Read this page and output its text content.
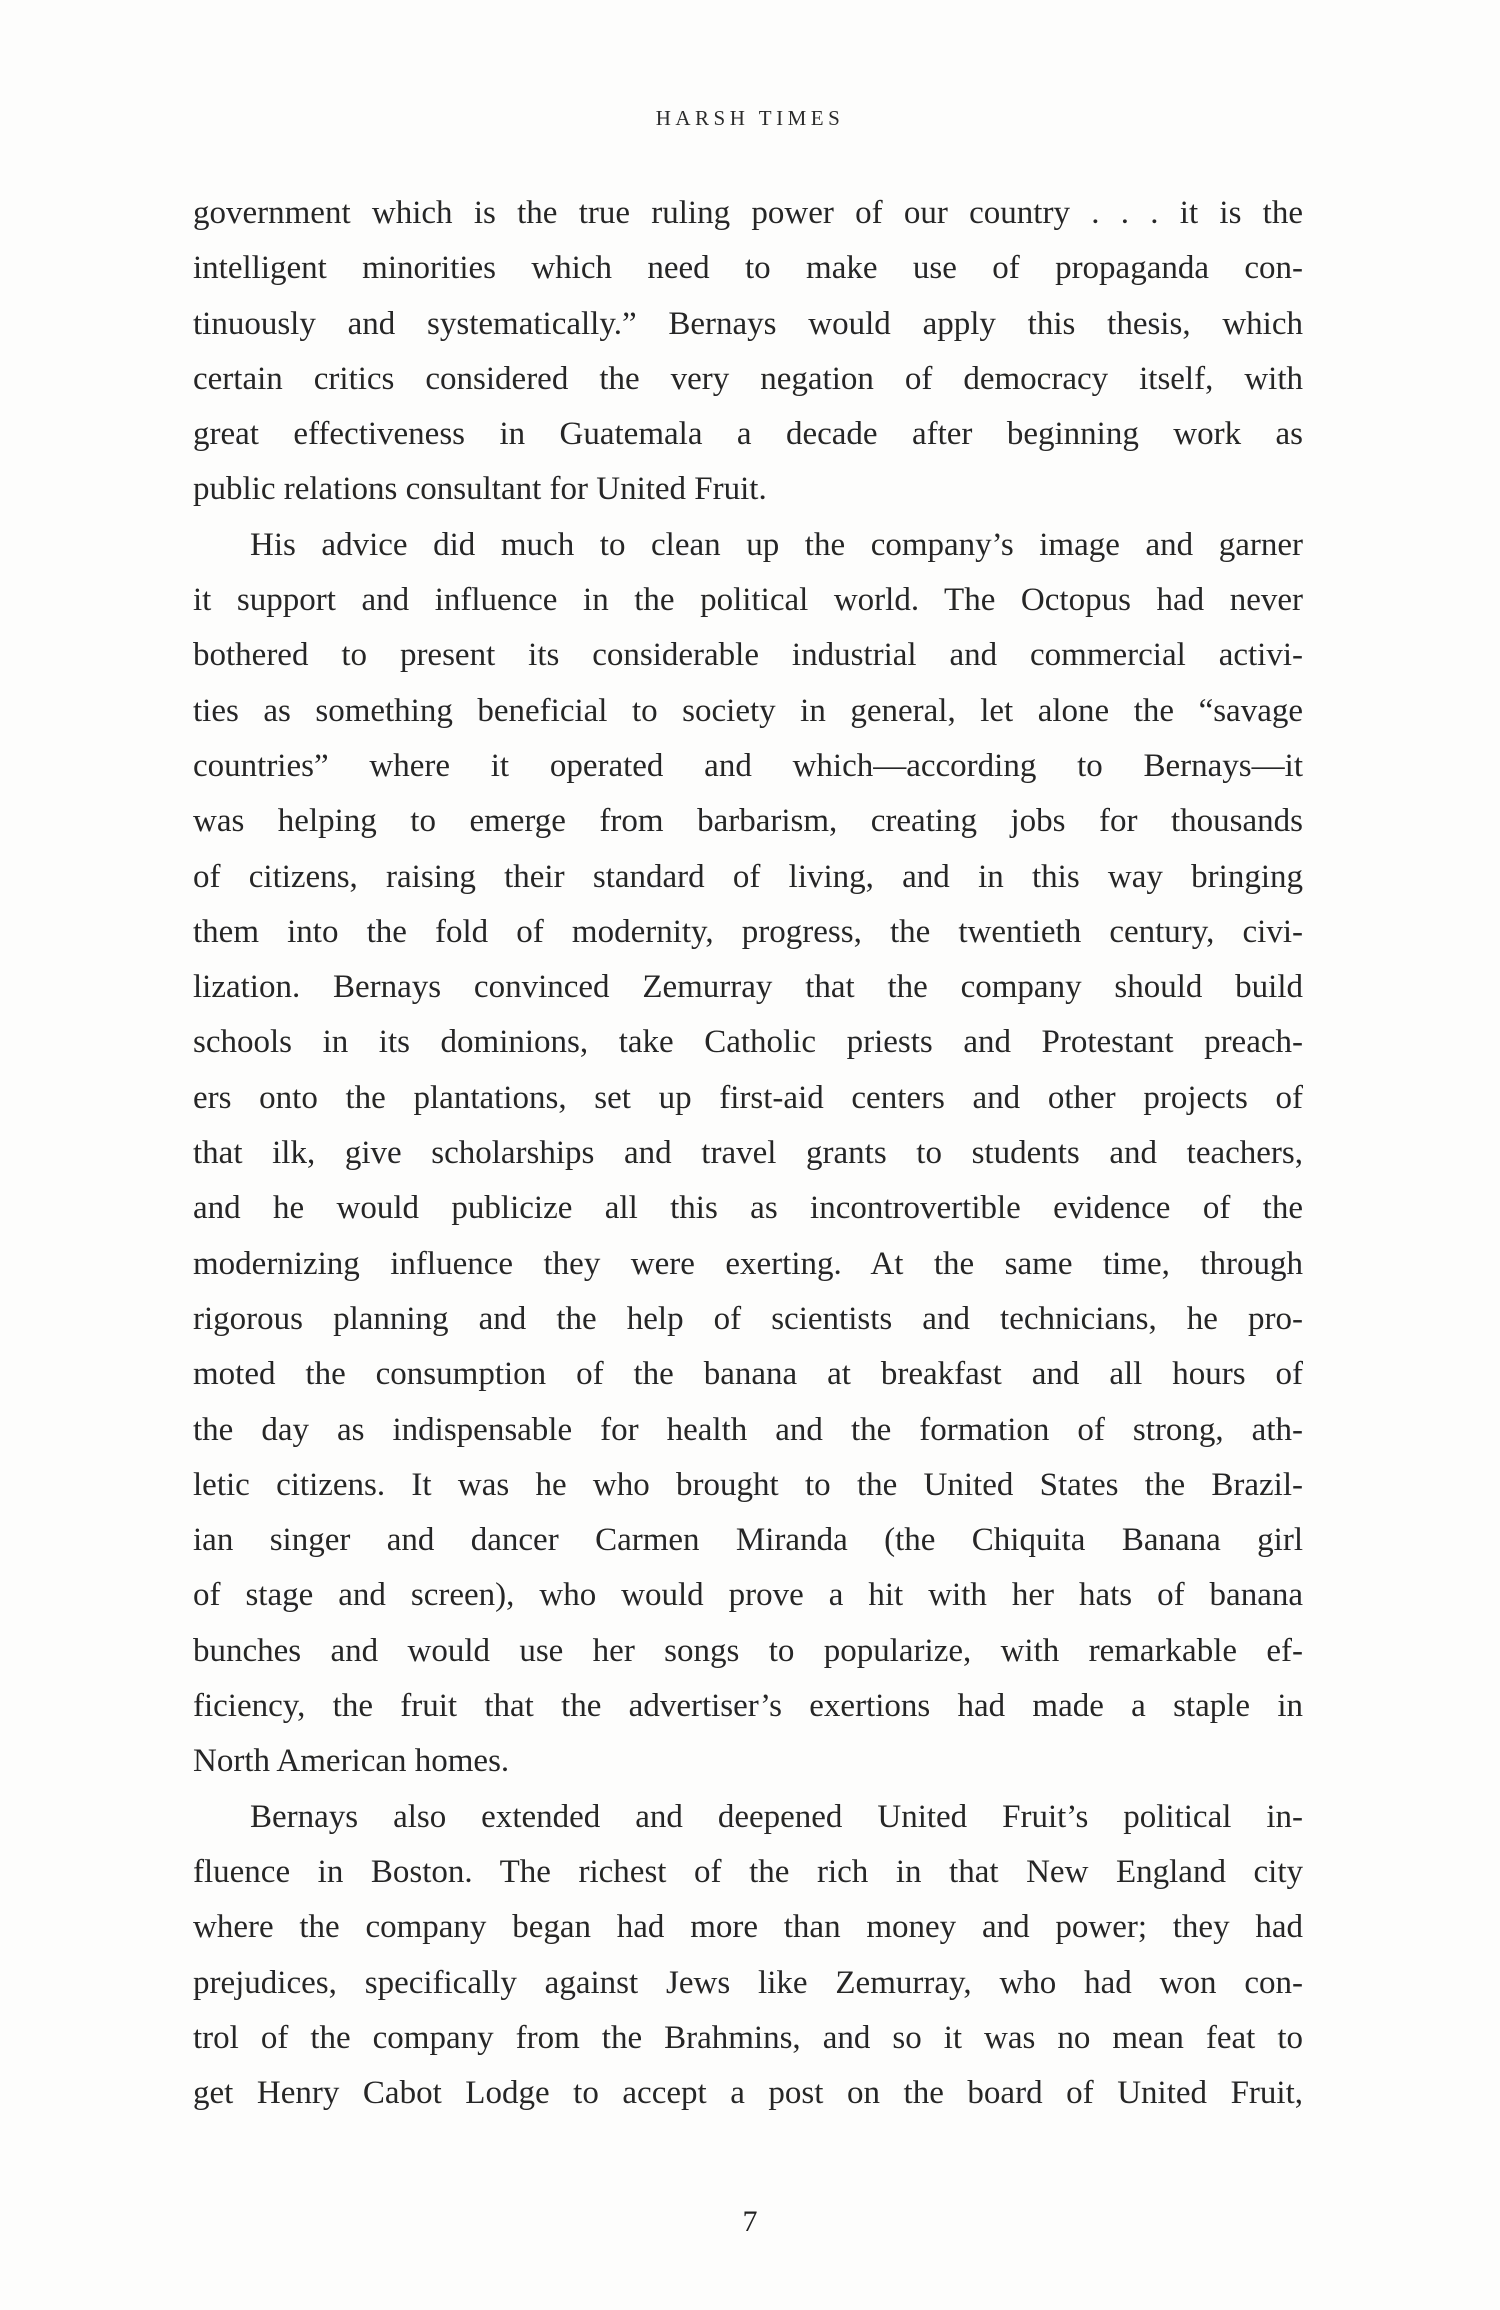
HARSH TIMES
government which is the true ruling power of our country . . . it is the
intelligent minorities which need to make use of propaganda con-
tinuously and systematically.” Bernays would apply this thesis, which
certain critics considered the very negation of democracy itself, with
great effectiveness in Guatemala a decade after beginning work as
public relations consultant for United Fruit.
His advice did much to clean up the company’s image and garner
it support and influence in the political world. The Octopus had never
bothered to present its considerable industrial and commercial activi-
ties as something beneficial to society in general, let alone the “savage
countries” where it operated and which—according to Bernays—it
was helping to emerge from barbarism, creating jobs for thousands
of citizens, raising their standard of living, and in this way bringing
them into the fold of modernity, progress, the twentieth century, civi-
lization. Bernays convinced Zemurray that the company should build
schools in its dominions, take Catholic priests and Protestant preach-
ers onto the plantations, set up first-aid centers and other projects of
that ilk, give scholarships and travel grants to students and teachers,
and he would publicize all this as incontrovertible evidence of the
modernizing influence they were exerting. At the same time, through
rigorous planning and the help of scientists and technicians, he pro-
moted the consumption of the banana at breakfast and all hours of
the day as indispensable for health and the formation of strong, ath-
letic citizens. It was he who brought to the United States the Brazil-
ian singer and dancer Carmen Miranda (the Chiquita Banana girl
of stage and screen), who would prove a hit with her hats of banana
bunches and would use her songs to popularize, with remarkable ef-
ficiency, the fruit that the advertiser’s exertions had made a staple in
North American homes.
Bernays also extended and deepened United Fruit’s political in-
fluence in Boston. The richest of the rich in that New England city
where the company began had more than money and power; they had
prejudices, specifically against Jews like Zemurray, who had won con-
trol of the company from the Brahmins, and so it was no mean feat to
get Henry Cabot Lodge to accept a post on the board of United Fruit,
7
